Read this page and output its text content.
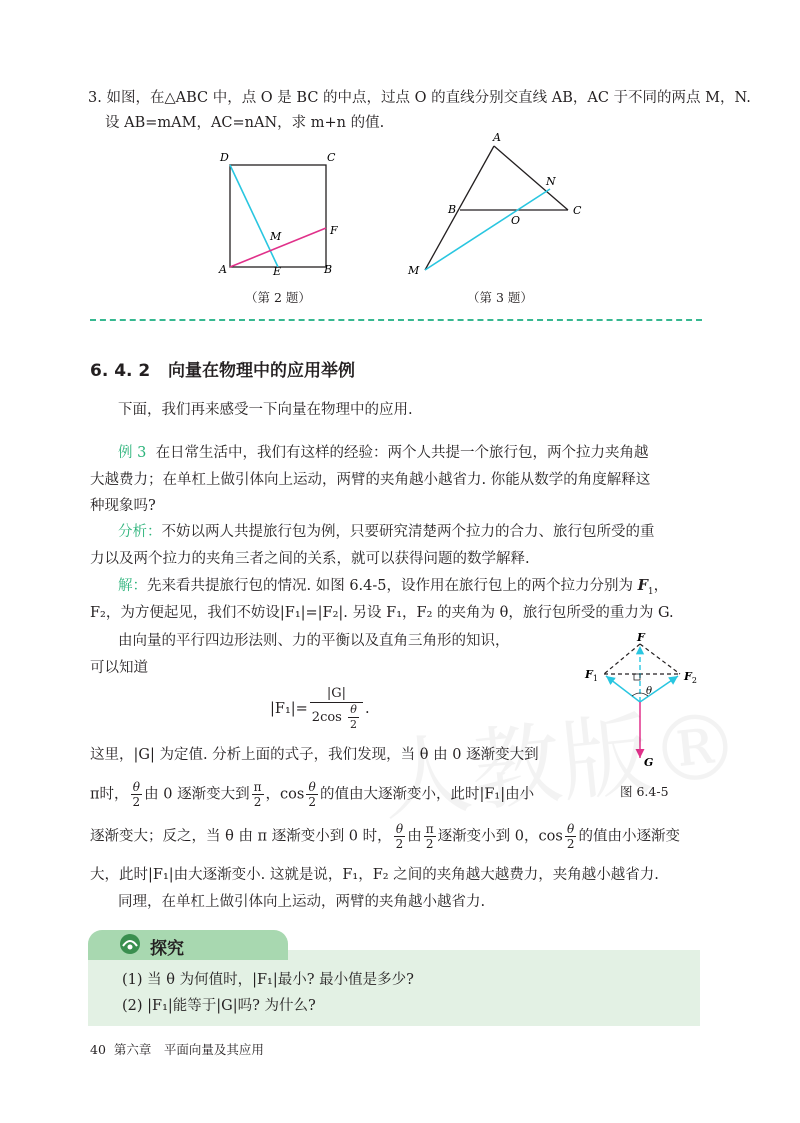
3. 如图，在△ABC 中，点 O 是 BC 的中点，过点 O 的直线分别交直线 AB，AC 于不同的两点 M，N.
设 AB=mAM，AC=nAN，求 m+n 的值.
D	C
A	E	B
M	F
（第 2 题）
A
N
B
O
C
M
（第 3 题）
6. 4. 2 向量在物理中的应用举例
下面，我们再来感受一下向量在物理中的应用.
例 3 在日常生活中，我们有这样的经验：两个人共提一个旅行包，两个拉力夹角越
大越费力；在单杠上做引体向上运动，两臂的夹角越小越省力. 你能从数学的角度解释这
种现象吗?
分析：不妨以两人共提旅行包为例，只要研究清楚两个拉力的合力、旅行包所受的重
力以及两个拉力的夹角三者之间的关系，就可以获得问题的数学解释.
解：先来看共提旅行包的情况. 如图 6.4-5，设作用在旅行包上的两个拉力分别为 $F_1$，
F₂，为方便起见，我们不妨设|F₁|=|F₂|. 另设 F₁，F₂ 的夹角为 θ，旅行包所受的重力为 G.
由向量的平行四边形法则、力的平衡以及直角三角形的知识，
可以知道
$|F_1|= \frac{|G|}{2\cos \frac{\theta}{2}}$ .
这里，|G| 为定值. 分析上面的式子，我们发现，当 θ 由 0 逐渐变大到
π时， $\frac{\theta}{2}$ 由 0 逐渐变大到 $\frac{\pi}{2}$ ，$\cos \frac{\theta}{2}$ 的值由大逐渐变小，此时|F₁|由小
逐渐变大；反之，当 θ 由 π 逐渐变小到 0 时， $\frac{\theta}{2}$ 由 $\frac{\pi}{2}$ 逐渐变小到 0，$\cos \frac{\theta}{2}$ 的值由小逐渐变
大，此时|F₁|由大逐渐变小. 这就是说，F₁，F₂ 之间的夹角越大越费力，夹角越小越省力.
同理，在单杠上做引体向上运动，两臂的夹角越小越省力.
F
$F_1$	$F_2$
θ
G
图 6.4-5
探究
(1) 当 θ 为何值时，|F₁|最小? 最小值是多少?
(2) |F₁|能等于|G|吗? 为什么?
40 第六章　平面向量及其应用
